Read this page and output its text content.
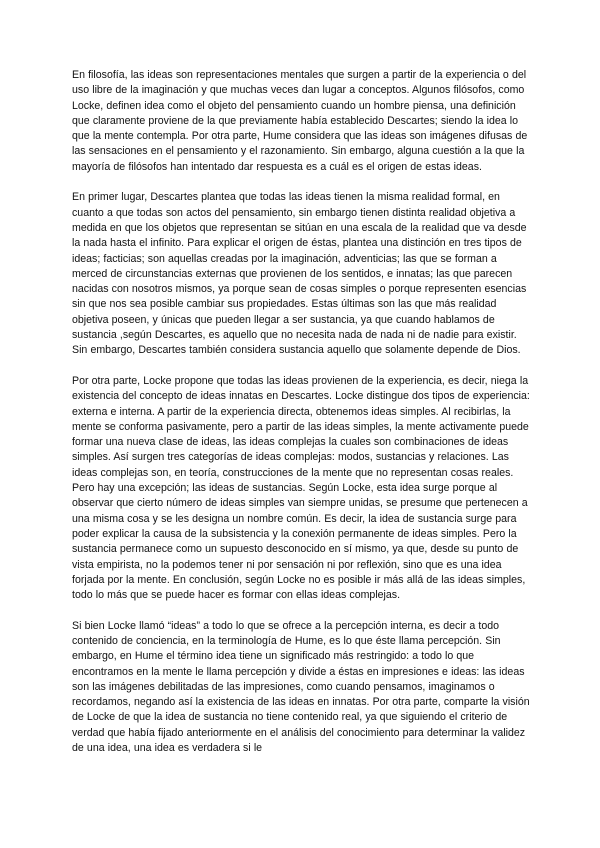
En filosofía, las ideas son representaciones mentales que surgen a partir de la experiencia o del uso libre de la imaginación y que muchas veces dan lugar a conceptos. Algunos filósofos, como Locke, definen idea como el objeto del pensamiento cuando un hombre piensa, una definición que claramente proviene de la que previamente había establecido Descartes; siendo la idea lo que la mente contempla. Por otra parte, Hume considera que las ideas son imágenes difusas de las sensaciones en el pensamiento y el razonamiento. Sin embargo, alguna cuestión a la que la mayoría de filósofos han intentado dar respuesta es a cuál es el origen de estas ideas.

En primer lugar, Descartes plantea que todas las ideas tienen la misma realidad formal, en cuanto a que todas son actos del pensamiento, sin embargo tienen distinta realidad objetiva a medida en que los objetos que representan se sitúan en una escala de la realidad que va desde la nada hasta el infinito. Para explicar el origen de éstas, plantea una distinción en tres tipos de ideas; facticias; son aquellas creadas por la imaginación, adventicias; las que se forman a merced de circunstancias externas que provienen de los sentidos, e innatas; las que parecen nacidas con nosotros mismos, ya porque sean de cosas simples o porque representen esencias sin que nos sea posible cambiar sus propiedades. Estas últimas son las que más realidad objetiva poseen, y únicas que pueden llegar a ser sustancia, ya que cuando hablamos de sustancia ,según Descartes, es aquello que no necesita nada de nada ni de nadie para existir. Sin embargo, Descartes también considera sustancia aquello que solamente depende de Dios.

Por otra parte, Locke propone que todas las ideas provienen de la experiencia, es decir, niega la existencia del concepto de ideas innatas en Descartes. Locke distingue dos tipos de experiencia: externa e interna. A partir de la experiencia directa, obtenemos ideas simples. Al recibirlas, la mente se conforma pasivamente, pero a partir de las ideas simples, la mente activamente puede formar una nueva clase de ideas, las ideas complejas la cuales son combinaciones de ideas simples. Así surgen tres categorías de ideas complejas: modos, sustancias y relaciones. Las ideas complejas son, en teoría, construcciones de la mente que no representan cosas reales. Pero hay una excepción; las ideas de sustancias. Según Locke, esta idea surge porque al observar que cierto número de ideas simples van siempre unidas, se presume que pertenecen a una misma cosa y se les designa un nombre común. Es decir, la idea de sustancia surge para poder explicar la causa de la subsistencia y la conexión permanente de ideas simples. Pero la sustancia permanece como un supuesto desconocido en sí mismo, ya que, desde su punto de vista empirista, no la podemos tener ni por sensación ni por reflexión, sino que es una idea forjada por la mente. En conclusión, según Locke no es posible ir más allá de las ideas simples, todo lo más que se puede hacer es formar con ellas ideas complejas.

Si bien Locke llamó “ideas” a todo lo que se ofrece a la percepción interna, es decir a todo contenido de conciencia, en la terminología de Hume, es lo que éste llama percepción. Sin embargo, en Hume el término idea tiene un significado más restringido: a todo lo que encontramos en la mente le llama percepción y divide a éstas en impresiones e ideas: las ideas son las imágenes debilitadas de las impresiones, como cuando pensamos, imaginamos o recordamos, negando así la existencia de las ideas en innatas. Por otra parte, comparte la visión de Locke de que la idea de sustancia no tiene contenido real, ya que siguiendo el criterio de verdad que había fijado anteriormente en el análisis del conocimiento para determinar la validez de una idea, una idea es verdadera si le
